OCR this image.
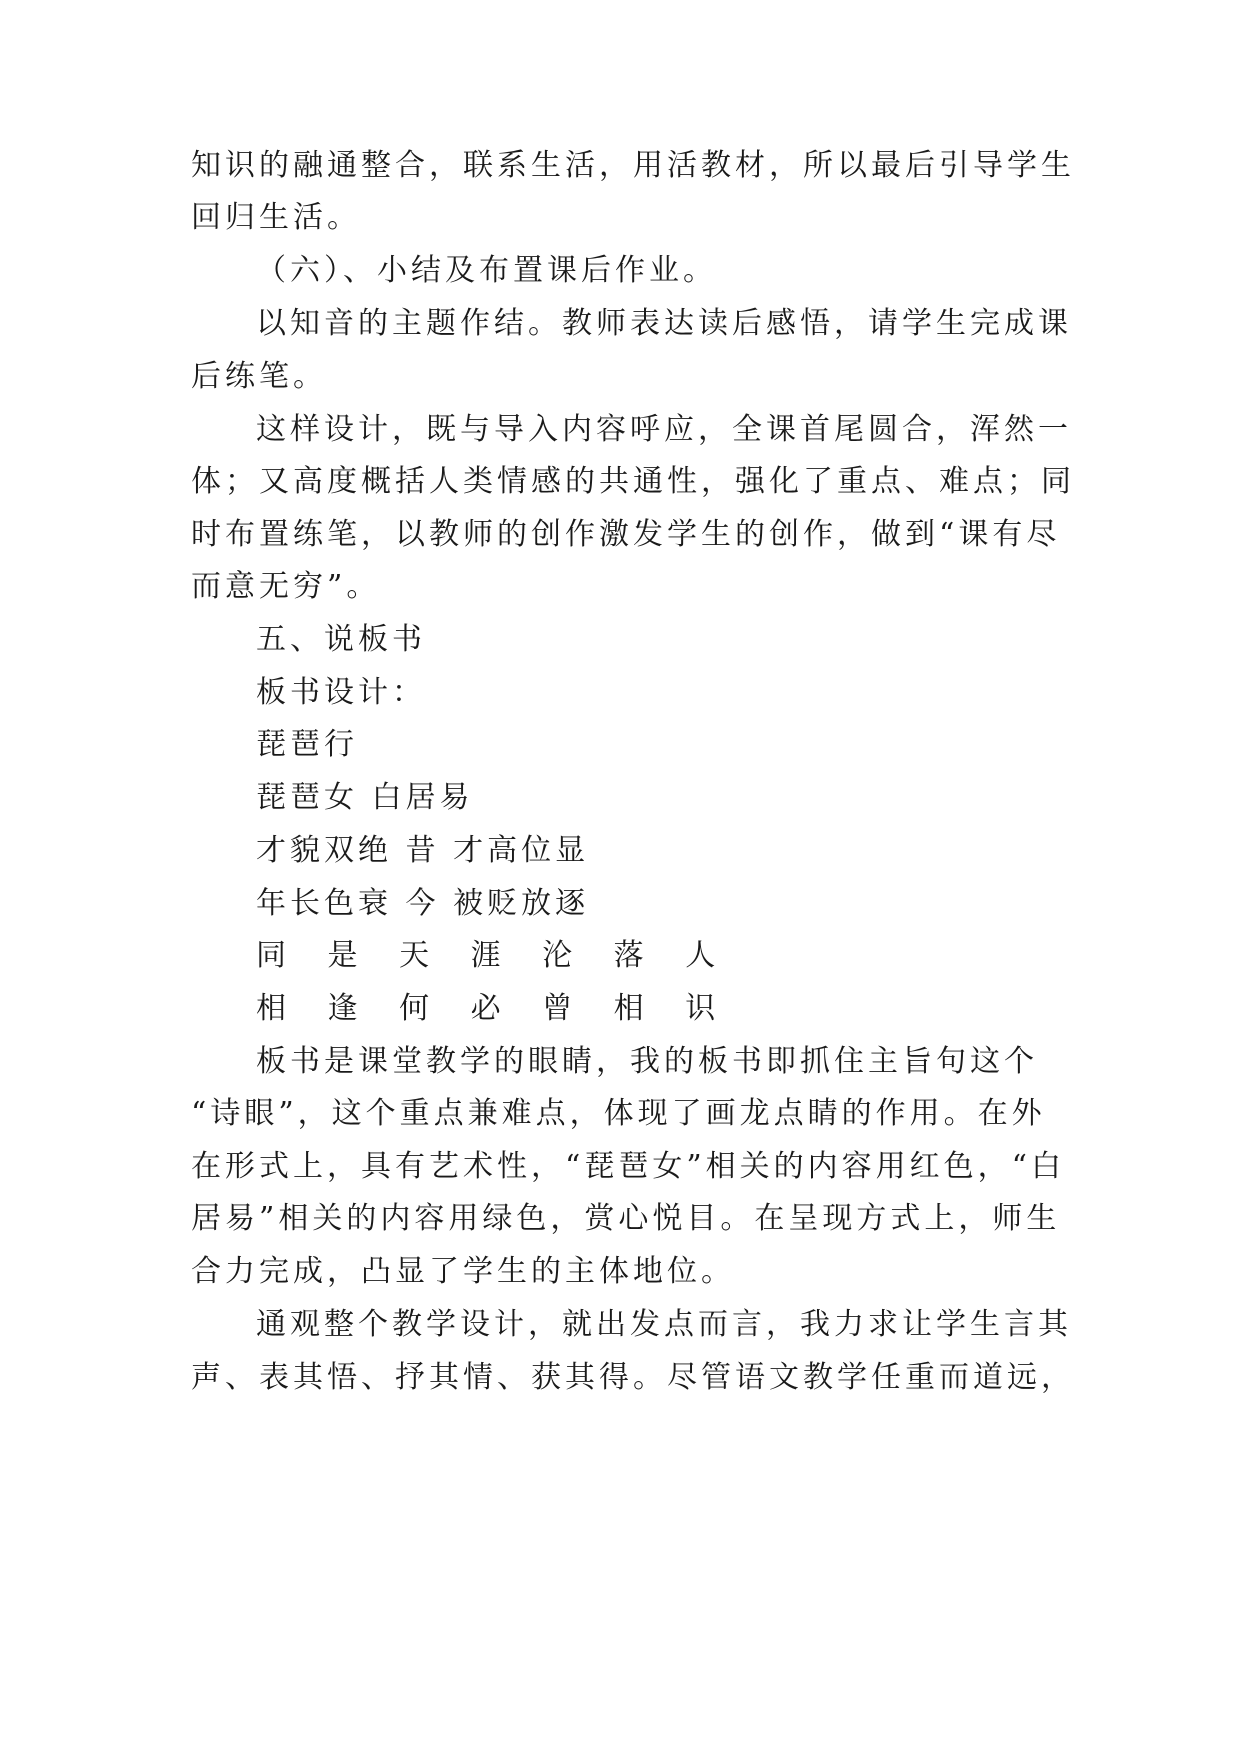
知识的融通整合，联系生活，用活教材，所以最后引导学生
回归生活。
（六）、小结及布置课后作业。
以知音的主题作结。教师表达读后感悟，请学生完成课
后练笔。
这样设计，既与导入内容呼应，全课首尾圆合，浑然一
体；又高度概括人类情感的共通性，强化了重点、难点；同
时布置练笔，以教师的创作激发学生的创作，做到“课有尽
而意无穷”。
五、说板书
板书设计：
琵琶行
琵琶女 白居易
才貌双绝 昔 才高位显
年长色衰 今 被贬放逐
同 是 天 涯 沦 落 人
相 逢 何 必 曾 相 识
板书是课堂教学的眼睛，我的板书即抓住主旨句这个
“诗眼”，这个重点兼难点，体现了画龙点睛的作用。在外
在形式上，具有艺术性，“琵琶女”相关的内容用红色，“白
居易”相关的内容用绿色，赏心悦目。在呈现方式上，师生
合力完成，凸显了学生的主体地位。
通观整个教学设计，就出发点而言，我力求让学生言其
声、表其悟、抒其情、获其得。尽管语文教学任重而道远，
